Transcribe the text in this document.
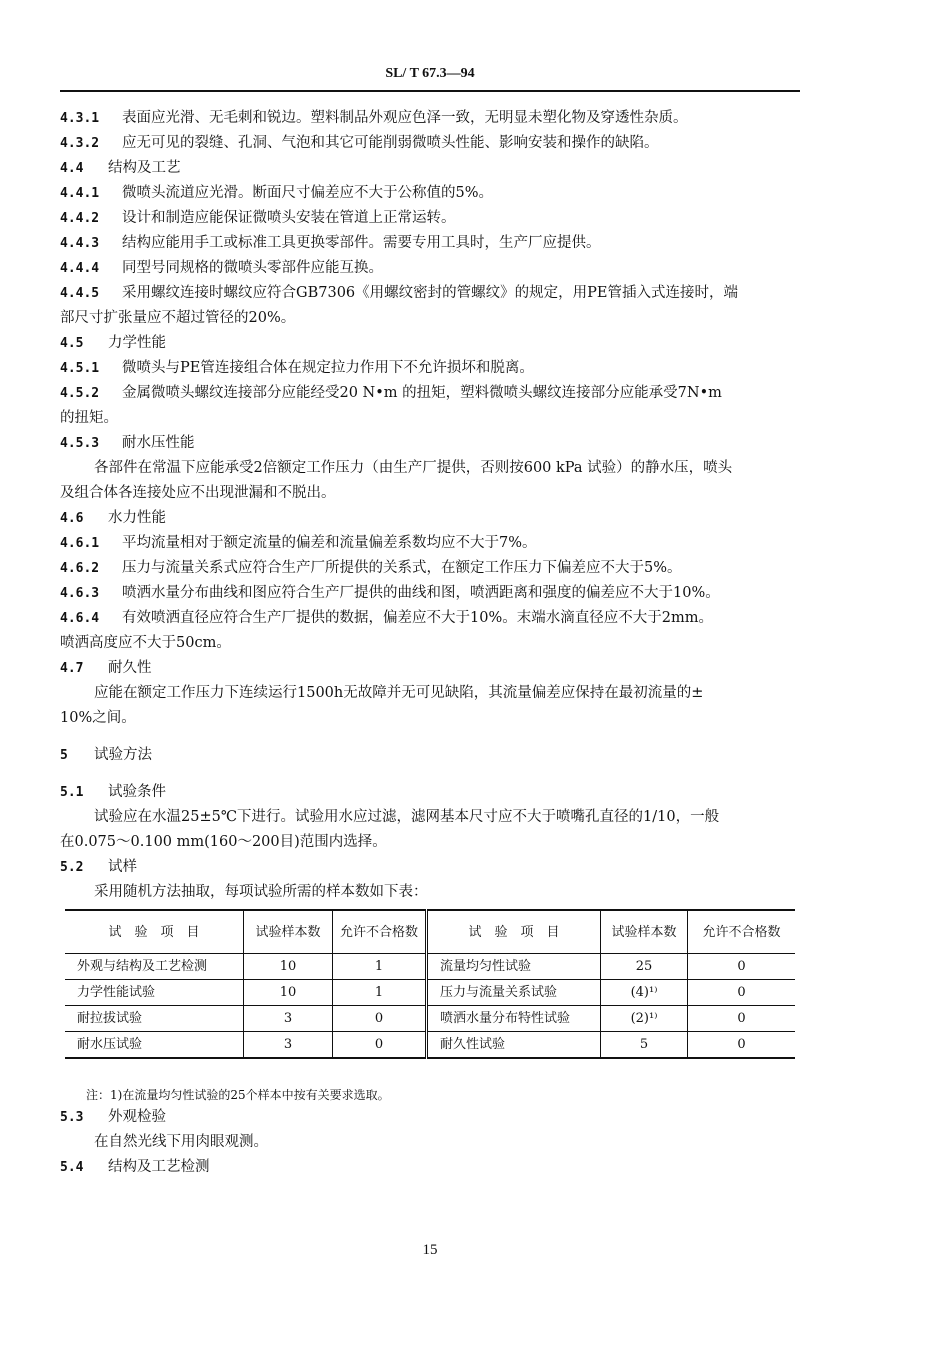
SL/ T 67.3—94
4.3.1 表面应光滑、无毛刺和锐边。塑料制品外观应色泽一致，无明显未塑化物及穿透性杂质。
4.3.2 应无可见的裂缝、孔洞、气泡和其它可能削弱微喷头性能、影响安装和操作的缺陷。
4.4 结构及工艺
4.4.1 微喷头流道应光滑。断面尺寸偏差应不大于公称值的5%。
4.4.2 设计和制造应能保证微喷头安装在管道上正常运转。
4.4.3 结构应能用手工或标准工具更换零部件。需要专用工具时，生产厂应提供。
4.4.4 同型号同规格的微喷头零部件应能互换。
4.4.5 采用螺纹连接时螺纹应符合GB7306《用螺纹密封的管螺纹》的规定，用PE管插入式连接时，端
部尺寸扩张量应不超过管径的20%。
4.5 力学性能
4.5.1 微喷头与PE管连接组合体在规定拉力作用下不允许损坏和脱离。
4.5.2 金属微喷头螺纹连接部分应能经受20 N•m 的扭矩，塑料微喷头螺纹连接部分应能承受7N•m
的扭矩。
4.5.3 耐水压性能
各部件在常温下应能承受2倍额定工作压力（由生产厂提供，否则按600 kPa 试验）的静水压，喷头
及组合体各连接处应不出现泄漏和不脱出。
4.6 水力性能
4.6.1 平均流量相对于额定流量的偏差和流量偏差系数均应不大于7%。
4.6.2 压力与流量关系式应符合生产厂所提供的关系式，在额定工作压力下偏差应不大于5%。
4.6.3 喷洒水量分布曲线和图应符合生产厂提供的曲线和图，喷洒距离和强度的偏差应不大于10%。
4.6.4 有效喷洒直径应符合生产厂提供的数据，偏差应不大于10%。末端水滴直径应不大于2mm。
喷洒高度应不大于50cm。
4.7 耐久性
应能在额定工作压力下连续运行1500h无故障并无可见缺陷，其流量偏差应保持在最初流量的±
10%之间。
5 试验方法
5.1 试验条件
试验应在水温25±5℃下进行。试验用水应过滤，滤网基本尺寸应不大于喷嘴孔直径的1/10，一般
在0.075～0.100 mm(160～200目)范围内选择。
5.2 试样
采用随机方法抽取，每项试验所需的样本数如下表：
试　验　项　目	试验样本数	允许不合格数	试　验　项　目	试验样本数	允许不合格数
外观与结构及工艺检测	10	1	流量均匀性试验	25	0
力学性能试验	10	1	压力与流量关系试验	(4)¹⁾	0
耐拉拔试验	3	0	喷洒水量分布特性试验	(2)¹⁾	0
耐水压试验	3	0	耐久性试验	5	0
注：1)在流量均匀性试验的25个样本中按有关要求选取。
5.3 外观检验
在自然光线下用肉眼观测。
5.4 结构及工艺检测
15
